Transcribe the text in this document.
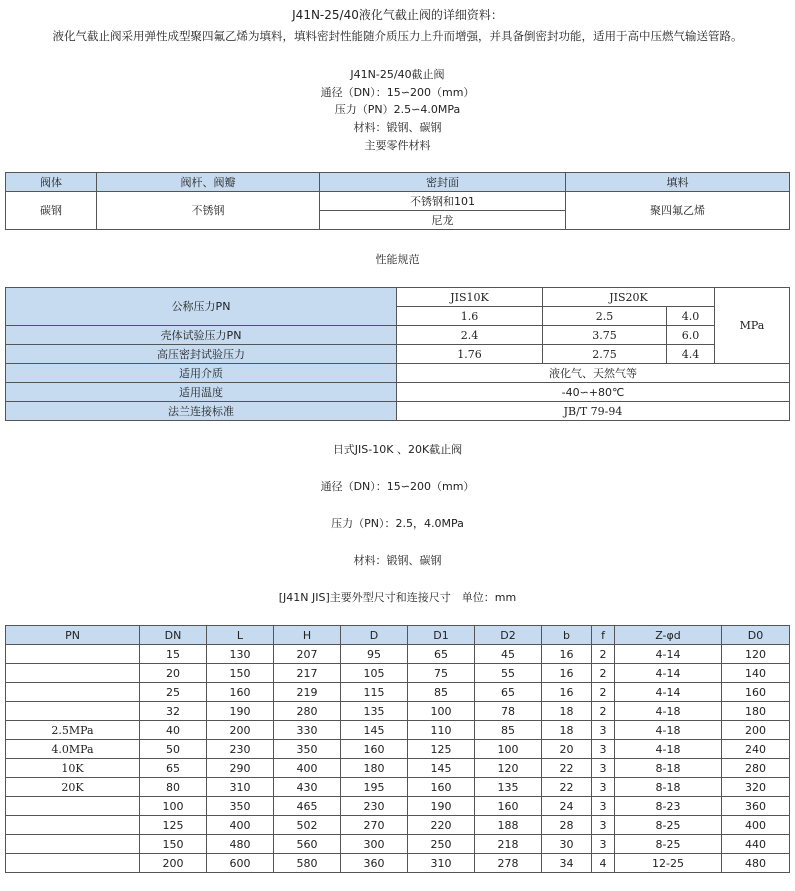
J41N-25/40液化气截止阀的详细资料：
液化气截止阀采用弹性成型聚四氟乙烯为填料，填料密封性能随介质压力上升而增强，并具备倒密封功能，适用于高中压燃气输送管路。
J41N-25/40截止阀
通径（DN）：15∽200（mm）
压力（PN）2.5∽4.0MPa
材料：锻钢、碳钢
主要零件材料
阀体	阀杆、阀瓣	密封面	填料
碳钢	不锈钢	不锈钢和101	聚四氟乙烯
		尼龙	
性能规范
公称压力PN	JIS10K	JIS20K		MPa
	1.6	2.5	4.0	
壳体试验压力PN	2.4	3.75	6.0	
高压密封试验压力	1.76	2.75	4.4	
适用介质	液化气、天然气等			
适用温度	-40∽+80℃			
法兰连接标准	JB/T 79-94			
日式JIS-10K 、20K截止阀
通径（DN）：15∽200（mm）
压力（PN）：2.5，4.0MPa
材料：锻钢、碳钢
[J41N JIS]主要外型尺寸和连接尺寸　单位：mm
PN	DN	L	H	D	D1	D2	b	f	Z-φd	D0
	15	130	207	95	65	45	16	2	4-14	120
	20	150	217	105	75	55	16	2	4-14	140
	25	160	219	115	85	65	16	2	4-14	160
	32	190	280	135	100	78	18	2	4-18	180
2.5MPa	40	200	330	145	110	85	18	3	4-18	200
4.0MPa	50	230	350	160	125	100	20	3	4-18	240
10K	65	290	400	180	145	120	22	3	8-18	280
20K	80	310	430	195	160	135	22	3	8-18	320
	100	350	465	230	190	160	24	3	8-23	360
	125	400	502	270	220	188	28	3	8-25	400
	150	480	560	300	250	218	30	3	8-25	440
	200	600	580	360	310	278	34	4	12-25	480
